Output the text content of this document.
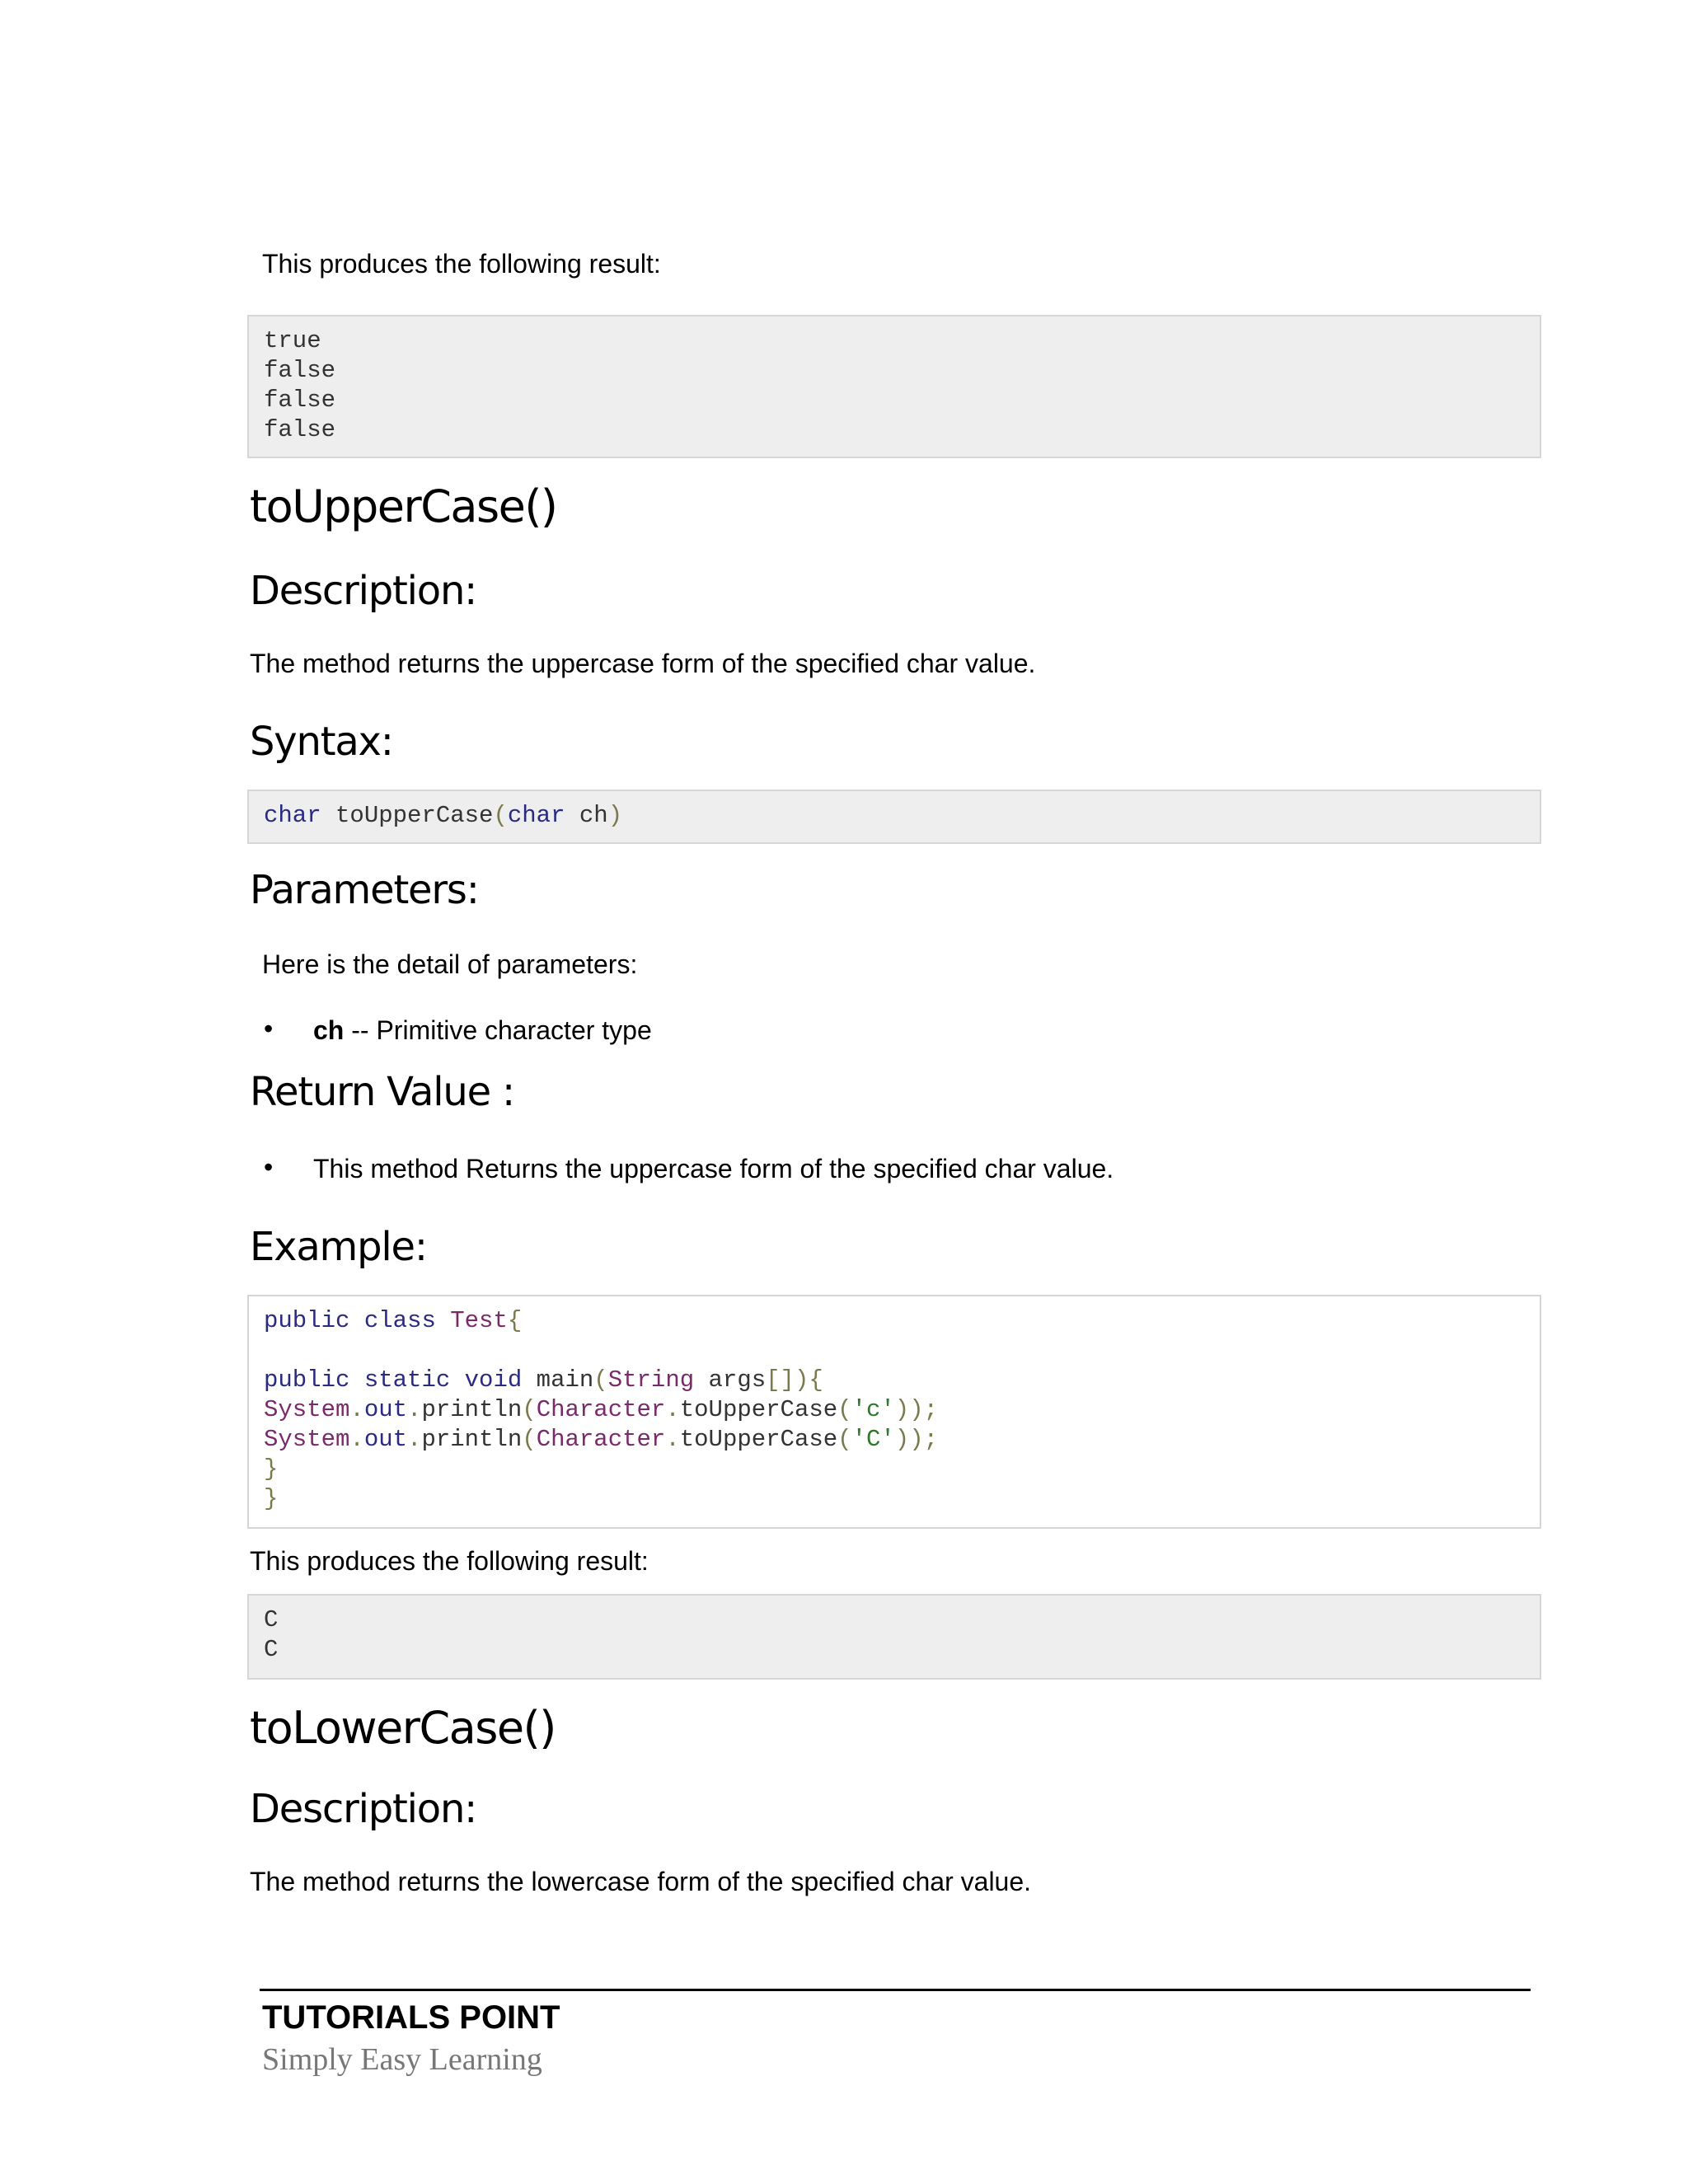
This produces the following result:
true
false
false
false
toUpperCase()
Description:
The method returns the uppercase form of the specified char value.
Syntax:
char toUpperCase(char ch)
Parameters:
Here is the detail of parameters:
• ch -- Primitive character type
Return Value :
• This method Returns the uppercase form of the specified char value.
Example:
public class Test{
public static void main(String args[]){
System.out.println(Character.toUpperCase('c'));
System.out.println(Character.toUpperCase('C'));
}
}
This produces the following result:
C
C
toLowerCase()
Description:
The method returns the lowercase form of the specified char value.
TUTORIALS POINT
Simply Easy Learning
